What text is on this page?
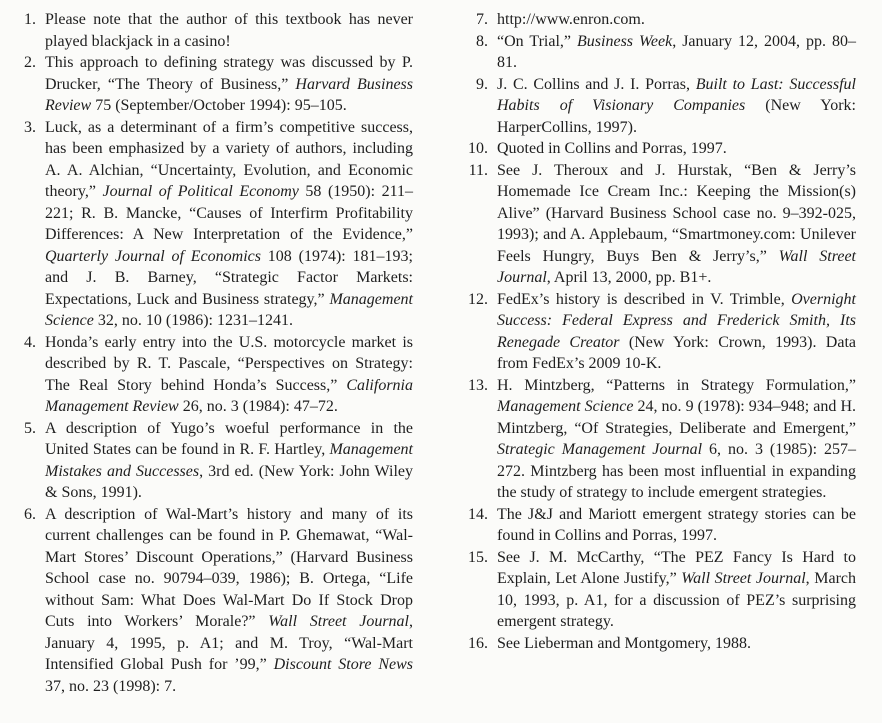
1. Please note that the author of this textbook has never played blackjack in a casino!
2. This approach to defining strategy was discussed by P. Drucker, “The Theory of Business,” Harvard Business Review 75 (September/October 1994): 95–105.
3. Luck, as a determinant of a firm’s competitive success, has been emphasized by a variety of authors, including A. A. Alchian, “Uncertainty, Evolution, and Economic theory,” Journal of Political Economy 58 (1950): 211–221; R. B. Mancke, “Causes of Interfirm Profitability Differences: A New Interpretation of the Evidence,” Quarterly Journal of Economics 108 (1974): 181–193; and J. B. Barney, “Strategic Factor Markets: Expectations, Luck and Business strategy,” Management Science 32, no. 10 (1986): 1231–1241.
4. Honda’s early entry into the U.S. motorcycle market is described by R. T. Pascale, “Perspectives on Strategy: The Real Story behind Honda’s Success,” California Management Review 26, no. 3 (1984): 47–72.
5. A description of Yugo’s woeful performance in the United States can be found in R. F. Hartley, Management Mistakes and Successes, 3rd ed. (New York: John Wiley & Sons, 1991).
6. A description of Wal-Mart’s history and many of its current challenges can be found in P. Ghemawat, “Wal-Mart Stores’ Discount Operations,” (Harvard Business School case no. 90794–039, 1986); B. Ortega, “Life without Sam: What Does Wal-Mart Do If Stock Drop Cuts into Workers’ Morale?” Wall Street Journal, January 4, 1995, p. A1; and M. Troy, “Wal-Mart Intensified Global Push for ’99,” Discount Store News 37, no. 23 (1998): 7.
7. http://www.enron.com.
8. “On Trial,” Business Week, January 12, 2004, pp. 80–81.
9. J. C. Collins and J. I. Porras, Built to Last: Successful Habits of Visionary Companies (New York: HarperCollins, 1997).
10. Quoted in Collins and Porras, 1997.
11. See J. Theroux and J. Hurstak, “Ben & Jerry’s Homemade Ice Cream Inc.: Keeping the Mission(s) Alive” (Harvard Business School case no. 9–392-025, 1993); and A. Applebaum, “Smartmoney.com: Unilever Feels Hungry, Buys Ben & Jerry’s,” Wall Street Journal, April 13, 2000, pp. B1+.
12. FedEx’s history is described in V. Trimble, Overnight Success: Federal Express and Frederick Smith, Its Renegade Creator (New York: Crown, 1993). Data from FedEx’s 2009 10-K.
13. H. Mintzberg, “Patterns in Strategy Formulation,” Management Science 24, no. 9 (1978): 934–948; and H. Mintzberg, “Of Strategies, Deliberate and Emergent,” Strategic Management Journal 6, no. 3 (1985): 257–272. Mintzberg has been most influential in expanding the study of strategy to include emergent strategies.
14. The J&J and Mariott emergent strategy stories can be found in Collins and Porras, 1997.
15. See J. M. McCarthy, “The PEZ Fancy Is Hard to Explain, Let Alone Justify,” Wall Street Journal, March 10, 1993, p. A1, for a discussion of PEZ’s surprising emergent strategy.
16. See Lieberman and Montgomery, 1988.
